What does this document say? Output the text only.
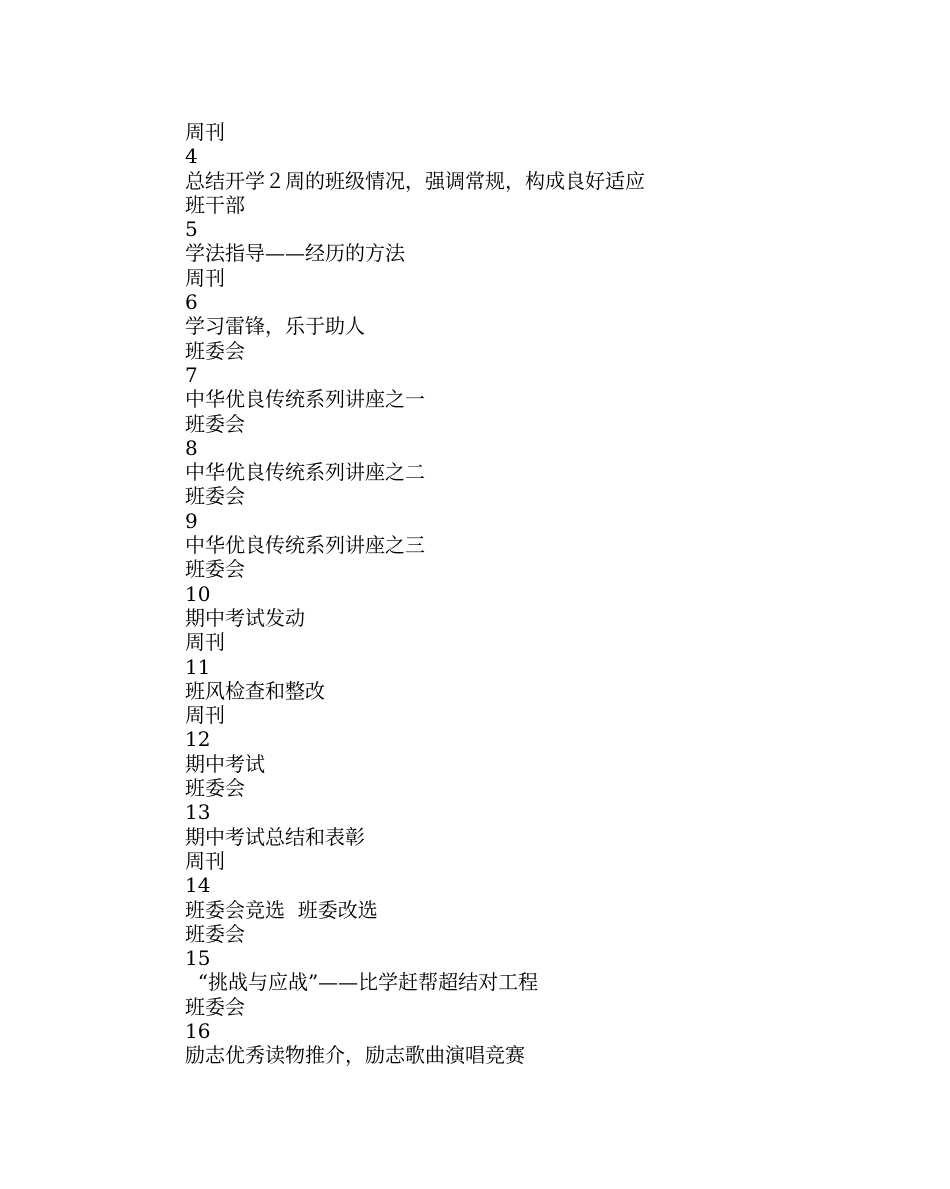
周刊
4
总结开学２周的班级情况，强调常规，构成良好适应
班干部
5
学法指导——经历的方法
周刊
6
学习雷锋，乐于助人
班委会
7
中华优良传统系列讲座之一
班委会
8
中华优良传统系列讲座之二
班委会
9
中华优良传统系列讲座之三
班委会
10
期中考试发动
周刊
11
班风检查和整改
周刊
12
期中考试
班委会
13
期中考试总结和表彰
周刊
14
班委会竞选  班委改选
班委会
15
“挑战与应战”——比学赶帮超结对工程
班委会
16
励志优秀读物推介，励志歌曲演唱竞赛
